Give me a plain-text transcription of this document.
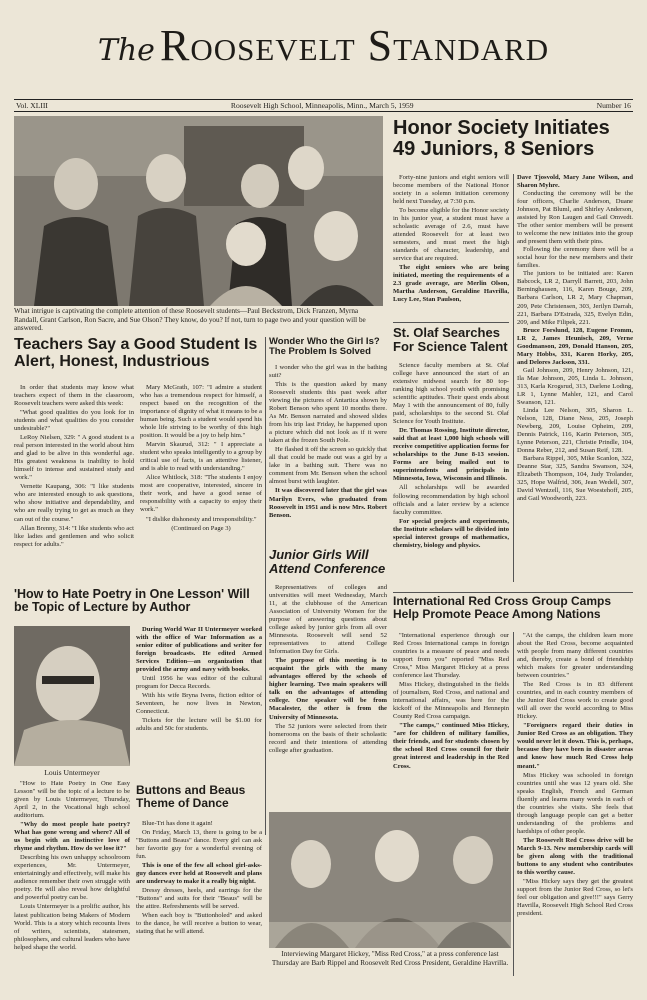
The Roosevelt Standard
Vol. XLIII	Roosevelt High School, Minneapolis, Minn., March 5, 1959	Number 16
What intrigue is captivating the complete attention of these Roosevelt students—Paul Beckstrom, Dick Franzen, Myrna Randall, Grant Carlson, Ron Sacre, and Sue Olson? They know, do you? If not, turn to page two and your question will be answered.
Honor Society Initiates 49 Juniors, 8 Seniors

Forty-nine juniors and eight seniors will become members of the National Honor society in a solemn initiation ceremony held next Tuesday, at 7:30 p.m.

To become eligible for the Honor society in his junior year, a student must have a scholastic average of 2.6, must have attended Roosevelt for at least two semesters, and must meet the high standards of character, leadership, and service that are required.

The eight seniors who are being initiated, meeting the requirements of a 2.3 grade average, are Merlin Olson, Martha Anderson, Geraldine Havrilla, Lucy Lee, Stan Paulson,

Dave Tjosvold, Mary Jane Wilson, and Sharon Myhre.

Conducting the ceremony will be the four officers, Charlie Anderson, Duane Johnson, Pat Bluml, and Shirley Anderson, assisted by Ron Laugen and Gail Omvedt. The other senior members will be present to welcome the new initiates into the group and present them with their pins.

Following the ceremony there will be a social hour for the new members and their families.

The juniors to be initiated are: Karen Babcock, LR 2, Darryll Barrett, 203, John Berninghausen, 116, Karen Bouge, 209, Barbara Carlson, LR 2, Mary Chapman, 209, Pete Christensen, 303, Jerilyn Darrah, 221, Barbara D'Estrada, 325, Evelyn Edin, 209, and Mike Filipek, 221.

Bruce Forslund, 128, Eugene Fromm, LR 2, James Heunisch, 209, Verne Goodmanson, 209, Donald Hanson, 205, Mary Hobbs, 331, Karen Horky, 205, and Delores Jackson, 331.

Gail Johnson, 209, Henry Johnson, 121, Ila Mae Johnson, 205, Linda L. Johnson, 313, Karla Krogsrud, 313, Darlene Loding, LR 1, Lynne Mahler, 121, and Carol Swanson, 121.

Linda Lee Nelson, 305, Sharon L. Nelson, 128, Diane Ness, 205, Joseph Newberg, 209, Louise Opheim, 209, Dennis Patrick, 116, Karin Peterson, 305, Lynne Peterson, 221, Christie Prindle, 104, Donna Reber, 212, and Susan Reif, 128.

Barbara Rippel, 305, Mike Scanlon, 322, Deanne Star, 325, Sandra Swanson, 324, Elizabeth Thompson, 104, Judy Trolander, 325, Hope Walfrid, 306, Jean Wedell, 307, David Wentzell, 116, Sue Woestehoff, 205, and Gail Woodworth, 223.

St. Olaf Searches For Science Talent

Science faculty members at St. Olaf college have announced the start of an extensive midwest search for 80 top-ranking high school youth with promising scientific aptitudes. Their quest ends about May 1 with the announcement of 80, fully paid, scholarships to the second St. Olaf Science for Youth Institute.

Dr. Thomas Rossing, Institute director, said that at least 1,000 high schools will receive competitive application forms for scholarships to the June 8-13 session. Forms are being mailed out to superintendents and principals in Minnesota, Iowa, Wisconsin and Illinois.

All scholarships will be awarded following recommendation by high school officials and a later review by a science faculty committee.

For special projects and experiments, the Institute scholars will be divided into special interest groups of mathematics, chemistry, biology and physics.

Teachers Say a Good Student Is Alert, Honest, Industrious

In order that students may know what teachers expect of them in the classroom, Roosevelt teachers were asked this week:

"What good qualities do you look for in students and what qualities do you consider undesirable?"

LeRoy Nielsen, 329: " A good student is a real person interested in the world about him and glad to be alive in this wonderful age. His greatest weakness is inability to hold himself to intense and sustained study and work."

Vernette Kaupang, 306: "I like students who are interested enough to ask questions, who show initiative and dependability, and who are really trying to get as much as they can out of the course."

Allan Brenny, 314: "I like students who act like ladies and gentlemen and who solicit respect for adults."

Mary McGrath, 107: "I admire a student who has a tremendous respect for himself, a respect based on the recognition of the importance of dignity of what it means to be a human being. Such a student would spend his whole life striving to be worthy of this high position. It would be a joy to help him."

Marvin Skaurud, 312: " I appreciate a student who speaks intelligently to a group by critical use of facts, is an attentive listener, and is able to read with understanding."

Alice Whitlock, 318: "The students I enjoy most are cooperative, interested, sincere in their work, and have a good sense of responsibility with a capacity to enjoy their work."

"I dislike dishonesty and irresponsibility."

(Continued on Page 3)

Wonder Who the Girl Is? The Problem Is Solved

I wonder who the girl was in the bathing suit?

This is the question asked by many Roosevelt students this past week after viewing the pictures of Antartica shown by Robert Benson who spent 10 months there. As Mr. Benson narrated and showed slides from his trip last Friday, he happened upon a picture which did not look as if it were taken at the frozen South Pole.

He flashed it off the screen so quickly that all that could be made out was a girl by a lake in a bathing suit. There was no comment from Mr. Benson when the school almost burst with laughter.

It was discovered later that the girl was Marilyn Evers, who graduated from Roosevelt in 1951 and is now Mrs. Robert Benson.

Junior Girls Will Attend Conference

Representatives of colleges and universities will meet Wednesday, March 11, at the clubhouse of the American Association of University Women for the purpose of answering questions about college asked by junior girls from all over Minnesota. Roosevelt will send 52 representatives to attend College Information Day for Girls.

The purpose of this meeting is to acquaint the girls with the many advantages offered by the schools of higher learning. Two main speakers will talk on the advantages of attending college. One speaker will be from Macalester, the other is from the University of Minnesota.

The 52 juniors were selected from their homerooms on the basis of their scholastic record and their intentions of attending college after graduation.

'How to Hate Poetry in One Lesson' Will be Topic of Lecture by Author
Louis Untermeyer

"How to Hate Poetry in One Easy Lesson" will be the topic of a lecture to be given by Louis Untermeyer, Thursday, April 2, in the Vocational high school auditorium.

"Why do most people hate poetry? What has gone wrong and where? All of us begin with an instinctive love of rhyme and rhythm. How do we lose it?"

Describing his own unhappy schoolroom experiences, Mr. Untermeyer, entertainingly and effectively, will make his audience remember their own struggle with poetry. He will also reveal how delightful and powerful poetry can be.

Louis Untermeyer is a prolific author, his latest publication being Makers of Modern World. This is a story which recounts lives of writers, scientists, statesmen, philosophers, and cultural leaders who have helped shape the world.

During World War II Untermeyer worked with the office of War Information as a senior editor of publications and writer for foreign broadcasts. He edited Armed Services Edition—an organization that provided the army and navy with books.

Until 1956 he was editor of the cultural program for Decca Records.

With his wife Bryna Ivens, fiction editor of Seventeen, he now lives in Newton, Connecticut.

Tickets for the lecture will be $1.00 for adults and 50c for students.

Buttons and Beaus Theme of Dance

Blue-Tri has done it again!

On Friday, March 13, there is going to be a "Buttons and Beaus" dance. Every girl can ask her favorite guy for a wonderful evening of fun.

This is one of the few all school girl-asks-guy dances ever held at Roosevelt and plans are underway to make it a really big night.

Dressy dresses, heels, and earrings for the "Buttons" and suits for their "Beaus" will be the attire. Refreshments will be served.

When each boy is "Buttonholed" and asked to the dance, he will receive a button to wear, stating that he will attend.

International Red Cross Group Camps Help Promote Peace Among Nations

"International experience through our Red Cross International camps in foreign countries is a measure of peace and needs support from you" reported "Miss Red Cross," Miss Margaret Hickey at a press conference last Thursday.

Miss Hickey, distinguished in the fields of journalism, Red Cross, and national and international affairs, was here for the kickoff of the Minneapolis and Hennepin County Red Cross campaign.

"The camps," continued Miss Hickey, "are for children of military families, their friends, and for students chosen by the school Red Cross council for their great interest and leadership in the Red Cross.

"At the camps, the children learn more about the Red Cross, become acquainted with people from many different countries and, thereby, create a bond of friendship which makes for greater understanding between countries."

The Red Cross is in 83 different countries, and in each country members of the Junior Red Cross work to create good will all over the world according to Miss Hickey.

"Foreigners regard their duties in Junior Red Cross as an obligation. They would never let it down. This is, perhaps, because they have been in disaster areas and know how much Red Cross help meant."

Miss Hickey was schooled in foreign countries until she was 12 years old. She speaks English, French and German fluently and learns many words in each of the countries she visits. She feels that through language people can get a better understanding of the problems and hardships of other people.

The Roosevelt Red Cross drive will be March 9-13. New membership cards will be given along with the traditional buttons to any student who contributes to this worthy cause.

"Miss Hickey says they get the greatest support from the Junior Red Cross, so let's feel our obligation and give!!!" says Gerry Havrilla, Roosevelt High School Red Cross president.

Interviewing Margaret Hickey, "Miss Red Cross," at a press conference last Thursday are Barb Rippel and Roosevelt Red Cross President, Geraldine Havrilla.
